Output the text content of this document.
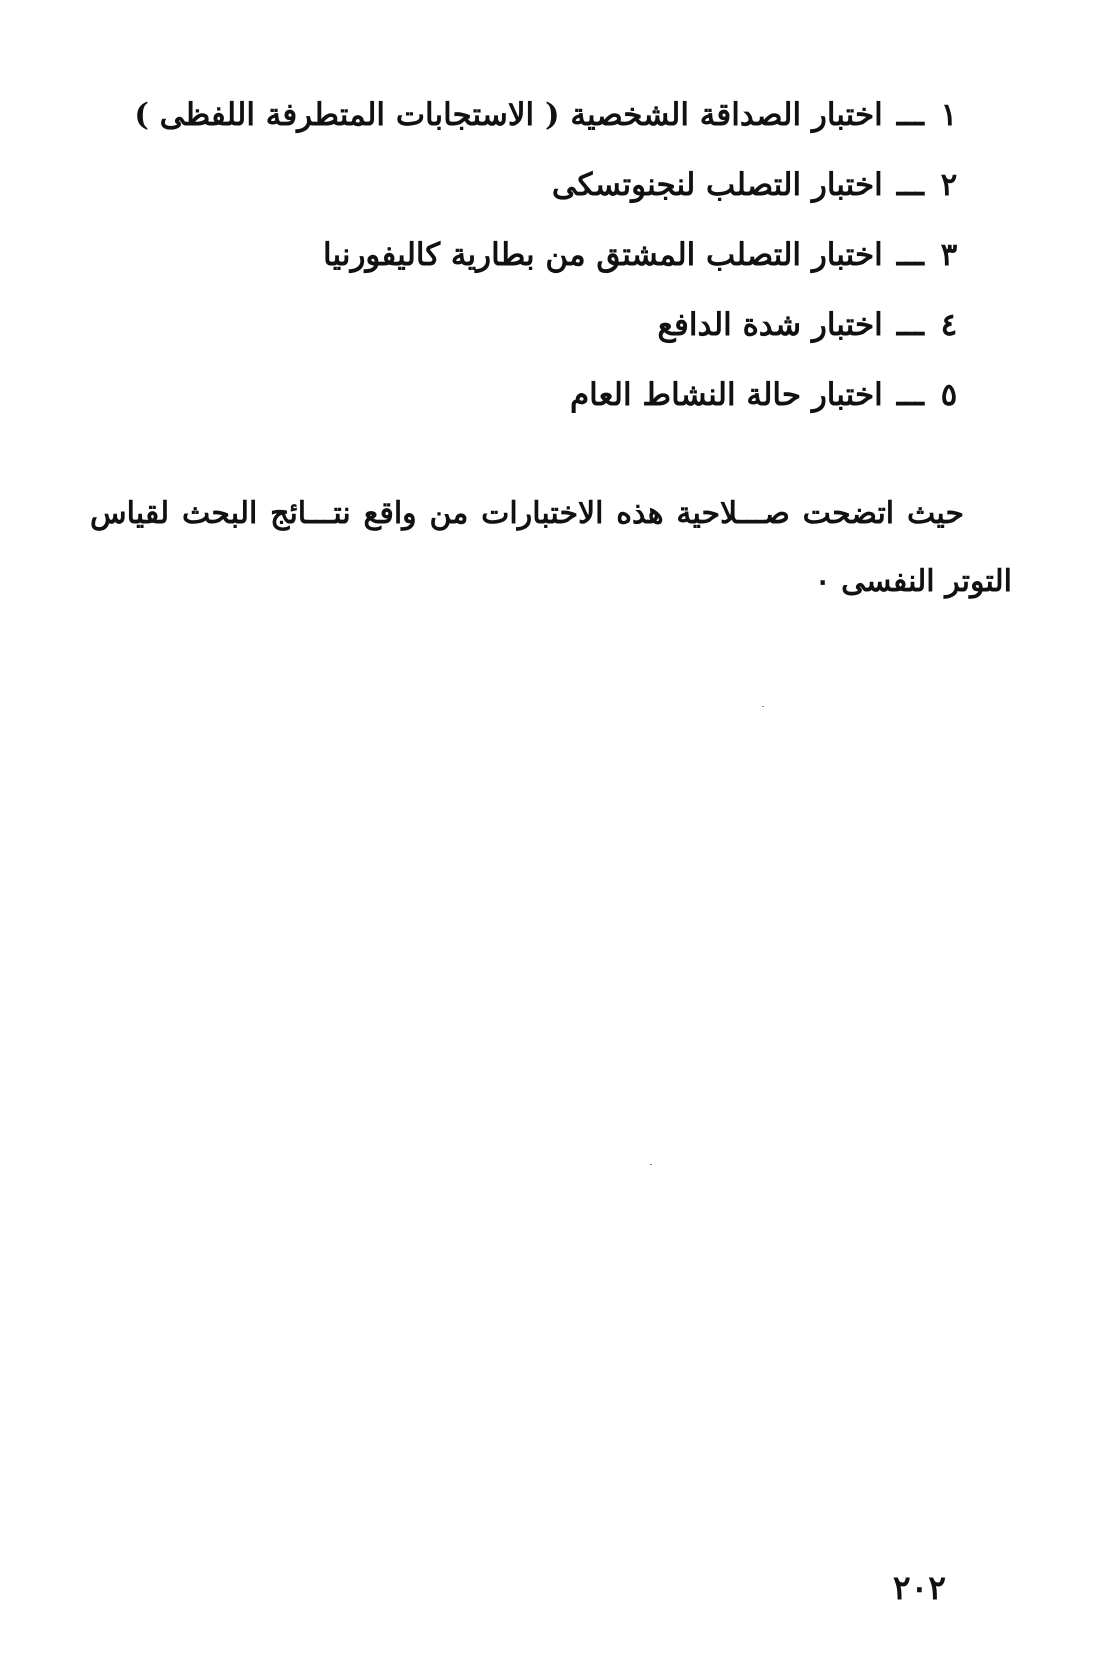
١ـــاختبار الصداقة الشخصية ( الاستجابات المتطرفة اللفظى )
٢ـــاختبار التصلب لنجنوتسكى
٣ـــاختبار التصلب المشتق من بطارية كاليفورنيا
٤ـــاختبار شدة الدافع
٥ـــاختبار حالة النشاط العام

حيث اتضحت صـــلاحية هذه الاختبارات من واقع نتـــائج البحث لقياس
التوتر النفسى ٠

٢٠٢
